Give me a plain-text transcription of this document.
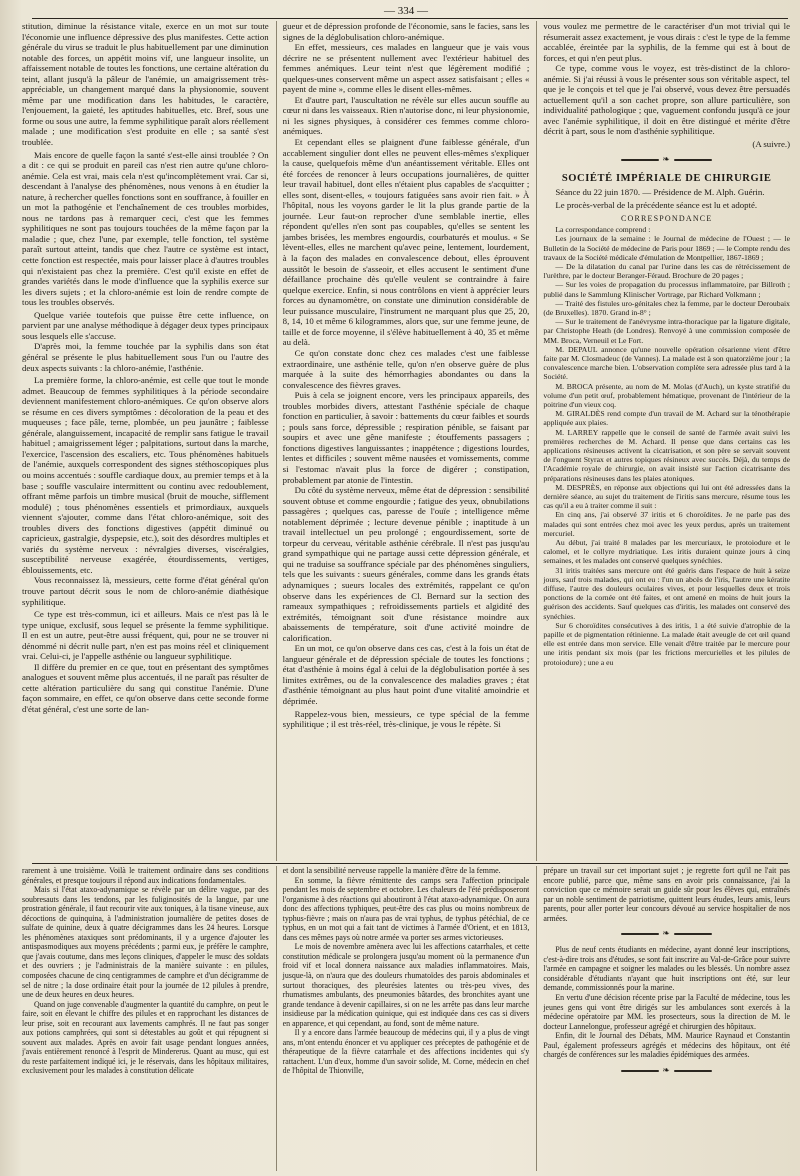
— 334 —

stitution, diminue la résistance vitale, exerce en un mot sur toute l'économie une influence dépressive des plus manifestes. Cette action générale du virus se traduit le plus habituellement par une diminution notable des forces, un appétit moins vif, une langueur insolite, un affaissement notable de toutes les fonctions, une certaine altération du teint, allant jusqu'à la pâleur de l'anémie, un amaigrissement très-appréciable, un changement marqué dans la physionomie, souvent même par une modification dans les habitudes, le caractère, l'enjouement, la gaieté, les aptitudes habituelles, etc. Bref, sous une forme ou sous une autre, la femme syphilitique paraît alors réellement malade ; une modification s'est produite en elle ; sa santé s'est troublée.

Mais encore de quelle façon la santé s'est-elle ainsi troublée ? On a dit : ce qui se produit en pareil cas n'est rien autre qu'une chloro-anémie. Cela est vrai, mais cela n'est qu'incomplètement vrai. Car si, descendant à l'analyse des phénomènes, nous venons à en étudier la nature, à rechercher quelles fonctions sont en souffrance, à fouiller en un mot la pathogénie et l'enchaînement de ces troubles morbides, nous ne tardons pas à remarquer ceci, c'est que les femmes syphilitiques ne sont pas toujours touchées de la même façon par la maladie ; que, chez l'une, par exemple, telle fonction, tel système paraît surtout atteint, tandis que chez l'autre ce système est intact, cette fonction est respectée, mais pour laisser place à d'autres troubles qui n'existaient pas chez la première. C'est qu'il existe en effet de grandes variétés dans le mode d'influence que la syphilis exerce sur les divers sujets ; et la chloro-anémie est loin de rendre compte de tous les troubles observés.

Quelque variée toutefois que puisse être cette influence, on parvient par une analyse méthodique à dégager deux types principaux sous lesquels elle s'accuse.

D'après moi, la femme touchée par la syphilis dans son état général se présente le plus habituellement sous l'un ou l'autre des deux aspects suivants : la chloro-anémie, l'asthénie.

La première forme, la chloro-anémie, est celle que tout le monde admet. Beaucoup de femmes syphilitiques à la période secondaire deviennent manifestement chloro-anémiques. Ce qu'on observe alors se résume en ces divers symptômes : décoloration de la peau et des muqueuses ; face pâle, terne, plombée, un peu jaunâtre ; faiblesse générale, alanguissement, incapacité de remplir sans fatigue le travail habituel ; amaigrissement léger ; palpitations, surtout dans la marche, l'exercice, l'ascension des escaliers, etc. Tous phénomènes habituels de l'anémie, auxquels correspondent des signes stéthoscopiques plus ou moins accentués : souffle cardiaque doux, au premier temps et à la base ; souffle vasculaire intermittent ou continu avec redoublement, offrant même parfois un timbre musical (bruit de mouche, sifflement modulé) ; tous phénomènes essentiels et primordiaux, auxquels viennent s'ajouter, comme dans l'état chloro-anémique, soit des troubles divers des fonctions digestives (appétit diminué ou capricieux, gastralgie, dyspepsie, etc.), soit des désordres multiples et variés du système nerveux : névralgies diverses, viscéralgies, susceptibilité nerveuse exagérée, étourdissements, vertiges, éblouissements, etc.

Vous reconnaissez là, messieurs, cette forme d'état général qu'on trouve partout décrit sous le nom de chloro-anémie diathésique syphilitique.

Ce type est très-commun, ici et ailleurs. Mais ce n'est pas là le type unique, exclusif, sous lequel se présente la femme syphilitique. Il en est un autre, peut-être aussi fréquent, qui, pour ne se trouver ni dénommé ni décrit nulle part, n'en est pas moins réel et cliniquement vrai. Celui-ci, je l'appelle asthénie ou langueur syphilitique.

Il diffère du premier en ce que, tout en présentant des symptômes analogues et souvent même plus accentués, il ne paraît pas résulter de cette altération particulière du sang qui constitue l'anémie. D'une façon sommaire, en effet, ce qu'on observe dans cette seconde forme d'état général, c'est une sorte de lan-

gueur et de dépression profonde de l'économie, sans le facies, sans les signes de la déglobulisation chloro-anémique.

En effet, messieurs, ces malades en langueur que je vais vous décrire ne se présentent nullement avec l'extérieur habituel des femmes anémiques. Leur teint n'est que légèrement modifié ; quelques-unes conservent même un aspect assez satisfaisant ; elles « payent de mine », comme elles le disent elles-mêmes.

Et d'autre part, l'auscultation ne révèle sur elles aucun souffle au cœur ni dans les vaisseaux. Rien n'autorise donc, ni leur physionomie, ni les signes physiques, à considérer ces femmes comme chloro-anémiques.

Et cependant elles se plaignent d'une faiblesse générale, d'un accablement singulier dont elles ne peuvent elles-mêmes s'expliquer la cause, quelquefois même d'un anéantissement véritable. Elles ont été forcées de renoncer à leurs occupations journalières, de quitter leur travail habituel, dont elles n'étaient plus capables de s'acquitter ; elles sont, disent-elles, « toujours fatiguées sans avoir rien fait. » À l'hôpital, nous les voyons garder le lit la plus grande partie de la journée. Leur faut-on reprocher d'une semblable inertie, elles répondent qu'elles n'en sont pas coupables, qu'elles se sentent les jambes brisées, les membres engourdis, courbaturés et moulus. « Se lèvent-elles, elles ne marchent qu'avec peine, lentement, lourdement, à la façon des malades en convalescence debout, elles éprouvent aussitôt le besoin de s'asseoir, et elles accusent le sentiment d'une défaillance prochaine dès qu'elle veulent se contraindre à faire quelque exercice. Enfin, si nous contrôlons en vient à apprécier leurs forces au dynamomètre, on constate une diminution considérable de leur puissance musculaire, l'instrument ne marquant plus que 25, 20, 8, 14, 10 et même 6 kilogrammes, alors que, sur une femme jeune, de taille et de force moyenne, il s'élève habituellement à 40, 35 et même au delà.

Ce qu'on constate donc chez ces malades c'est une faiblesse extraordinaire, une asthénie telle, qu'on n'en observe guère de plus marquée à la suite des hémorrhagies abondantes ou dans la convalescence des fièvres graves.

Puis à cela se joignent encore, vers les principaux appareils, des troubles morbides divers, attestant l'asthénie spéciale de chaque fonction en particulier, à savoir : battements du cœur faibles et sourds ; pouls sans force, dépressible ; respiration pénible, se faisant par soupirs et avec une gêne manifeste ; étouffements passagers ; fonctions digestives languissantes ; inappétence ; digestions lourdes, lentes et difficiles ; souvent même nausées et vomissements, comme si l'estomac n'avait plus la force de digérer ; constipation, probablement par atonie de l'intestin.

Du côté du système nerveux, même état de dépression : sensibilité souvent obtuse et comme engourdie ; fatigue des yeux, obnubilations passagères ; quelques cas, paresse de l'ouïe ; intelligence même notablement déprimée ; lecture devenue pénible ; inaptitude à un travail intellectuel un peu prolongé ; engourdissement, sorte de torpeur du cerveau, véritable asthénie cérébrale. Il n'est pas jusqu'au grand sympathique qui ne partage aussi cette dépression générale, et qui ne traduise sa souffrance spéciale par des phénomènes singuliers, tels que les suivants : sueurs générales, comme dans les grands états adynamiques ; sueurs locales des extrémités, rappelant ce qu'on observe dans les expériences de Cl. Bernard sur la section des rameaux sympathiques ; refroidissements partiels et algidité des extrémités, témoignant soit d'une résistance moindre aux abaissements de température, soit d'une activité moindre de calorification.

En un mot, ce qu'on observe dans ces cas, c'est à la fois un état de langueur générale et de dépression spéciale de toutes les fonctions ; état d'asthénie à moins égal à celui de la déglobulisation portée à ses limites extrêmes, ou de la convalescence des maladies graves ; état d'asthénie témoignant au plus haut point d'une vitalité amoindrie et déprimée.

Rappelez-vous bien, messieurs, ce type spécial de la femme syphilitique ; il est très-réel, très-clinique, je vous le répète. Si

vous voulez me permettre de le caractériser d'un mot trivial qui le résumerait assez exactement, je vous dirais : c'est le type de la femme accablée, éreintée par la syphilis, de la femme qui est à bout de forces, et qui n'en peut plus.

Ce type, comme vous le voyez, est très-distinct de la chloro-anémie. Si j'ai réussi à vous le présenter sous son véritable aspect, tel que je le conçois et tel que je l'ai observé, vous devez être persuadés actuellement qu'il a son cachet propre, son allure particulière, son individualité pathologique ; que, vaguement confondu jusqu'à ce jour avec l'anémie syphilitique, il doit en être distingué et mérite d'être décrit à part, sous le nom d'asthénie syphilitique.

(A suivre.)
❧
SOCIÉTÉ IMPÉRIALE DE CHIRURGIE

Séance du 22 juin 1870. — Présidence de M. Alph. Guérin.

Le procès-verbal de la précédente séance est lu et adopté.

CORRESPONDANCE

La correspondance comprend :

Les journaux de la semaine : le Journal de médecine de l'Ouest ; — le Bulletin de la Société de médecine de Paris pour 1869 ; — le Compte rendu des travaux de la Société médicale d'émulation de Montpellier, 1867-1869 ;

— De la dilatation du canal par l'urine dans les cas de rétrécissement de l'urèthre, par le docteur Beranger-Féraud. Brochure de 20 pages ;

— Sur les voies de propagation du processus inflammatoire, par Billroth ; publié dans le Sammlung Klinischer Vortrage, par Richard Volkmann ;

— Traité des fistules uro-génitales chez la femme, par le docteur Deroubaix (de Bruxelles). 1870. Grand in-8° ;

— Sur le traitement de l'anévrysme intra-thoracique par la ligature digitale, par Christophe Heath (de Londres). Renvoyé à une commission composée de MM. Broca, Verneuil et Le Fort.

M. DEPAUL annonce qu'une nouvelle opération césarienne vient d'être faite par M. Closmadeuc (de Vannes). La malade est à son quatorzième jour ; la convalescence marche bien. L'observation complète sera adressée plus tard à la Société.

M. BROCA présente, au nom de M. Molas (d'Auch), un kyste stratifié du volume d'un petit œuf, probablement hématique, provenant de l'intérieur de la poitrine d'un vieux coq.

M. GIRALDÈS rend compte d'un travail de M. Achard sur la ténothérapie appliquée aux plaies.

M. LARREY rappelle que le conseil de santé de l'armée avait suivi les premières recherches de M. Achard. Il pense que dans certains cas les applications résineuses activent la cicatrisation, et son père se servait souvent de l'onguent Styrax et autres topiques résineux avec succès. Déjà, du temps de l'Académie royale de chirurgie, on avait insisté sur l'action cicatrisante des préparations résineuses dans les plaies atoniques.

M. DESPRÈS, en réponse aux objections qui lui ont été adressées dans la dernière séance, au sujet du traitement de l'iritis sans mercure, résume tous les cas qu'il a eu à traiter comme il suit :

En cinq ans, j'ai observé 37 iritis et 6 choroïdites. Je ne parle pas des malades qui sont entrées chez moi avec les yeux perdus, après un traitement mercuriel.

Au début, j'ai traité 8 malades par les mercuriaux, le protoiodure et le calomel, et le collyre mydriatique. Les iritis duraient quinze jours à cinq semaines, et les malades ont conservé quelques synéchies.

31 iritis traitées sans mercure ont été guéris dans l'espace de huit à seize jours, sauf trois malades, qui ont eu : l'un un abcès de l'iris, l'autre une kératite diffuse, l'autre des douleurs oculaires vives, et pour lesquelles deux et trois ponctions de la cornée ont été faites, et ont amené en moins de huit jours la guérison des accidents. Sauf quelques cas d'iritis, les malades ont conservé des synéchies.

Sur 6 choroïdites consécutives à des iritis, 1 a été suivie d'atrophie de la papille et de pigmentation rétinienne. La malade était aveugle de cet œil quand elle est entrée dans mon service. Elle venait d'être traitée par le mercure pour une iritis pendant six mois (par les frictions mercurielles et les pilules de protoiodure) ; une a eu

rarement à une troisième. Voilà le traitement ordinaire dans ses conditions générales, et presque toujours il répond aux indications fondamentales.

Mais si l'état ataxo-adynamique se révèle par un délire vague, par des soubresauts dans les tendons, par les fuliginosités de la langue, par une prostration générale, il faut recourir vite aux toniques, à la tisane vineuse, aux décoctions de quinquina, à l'administration journalière de petites doses de sulfate de quinine, deux à quatre décigrammes dans les 24 heures. Lorsque les phénomènes ataxiques sont prédominants, il y a urgence d'ajouter les antispasmodiques aux moyens précédents ; parmi eux, je préfère le camphre, que j'avais coutume, dans mes leçons cliniques, d'appeler le musc des soldats et des ouvriers ; je l'administrais de la manière suivante : en pilules, composées chacune de cinq centigrammes de camphre et d'un décigramme de sel de nitre ; la dose ordinaire était pour la journée de 12 pilules à prendre, une de deux heures en deux heures.

Quand on juge convenable d'augmenter la quantité du camphre, on peut le faire, soit en élevant le chiffre des pilules et en rapprochant les distances de leur prise, soit en recourant aux lavements camphrés. Il ne faut pas songer aux potions camphrées, qui sont si détestables au goût et qui répugnent si souvent aux malades. Après en avoir fait usage pendant longues années, j'avais entièrement renoncé à l'esprit de Mindererus. Quant au musc, qui est du reste parfaitement indiqué ici, je le réservais, dans les hôpitaux militaires, exclusivement pour les malades à constitution délicate

et dont la sensibilité nerveuse rappelle la manière d'être de la femme.

En somme, la fièvre rémittente des camps sera l'affection principale pendant les mois de septembre et octobre. Les chaleurs de l'été prédisposeront l'organisme à des réactions qui aboutiront à l'état ataxo-adynamique. On aura donc des affections typhiques, peut-être des cas plus ou moins nombreux de typhus-fièvre ; mais on n'aura pas de vrai typhus, de typhus pétéchial, de ce typhus, en un mot qui a fait tant de victimes à l'armée d'Orient, et en 1813, dans ces mêmes pays où notre armée va porter ses armes victorieuses.

Le mois de novembre amènera avec lui les affections catarrhales, et cette constitution médicale se prolongera jusqu'au moment où la permanence d'un froid vif et local donnera naissance aux maladies inflammatoires. Mais, jusque-là, on n'aura que des douleurs rhumatoïdes des parois abdominales et surtout thoraciques, des pleurésies latentes ou très-peu vives, des rhumatismes ambulants, des pneumonies bâtardes, des bronchites ayant une grande tendance à devenir capillaires, si on ne les arrête pas dans leur marche insidieuse par la médication quinique, qui est indiquée dans ces cas si divers en apparence, et qui cependant, au fond, sont de même nature.

Il y a encore dans l'armée beaucoup de médecins qui, il y a plus de vingt ans, m'ont entendu énoncer et vu appliquer ces préceptes de pathogénie et de thérapeutique de la fièvre catarrhale et des affections incidentes qui s'y rattachent. L'un d'eux, homme d'un savoir solide, M. Corne, médecin en chef de l'hôpital de Thionville,

prépare un travail sur cet important sujet ; je regrette fort qu'il ne l'ait pas encore publié, parce que, même sans en avoir pris connaissance, j'ai la conviction que ce mémoire serait un guide sûr pour les élèves qui, entraînés par un noble sentiment de patriotisme, quittent leurs études, leurs amis, leurs parents, pour aller porter leur concours dévoué au service hospitalier de nos armées.

❧

Plus de neuf cents étudiants en médecine, ayant donné leur inscriptions, c'est-à-dire trois ans d'études, se sont fait inscrire au Val-de-Grâce pour suivre l'armée en campagne et soigner les malades ou les blessés. Un nombre assez considérable d'étudiants n'ayant que huit inscriptions ont été, sur leur demande, commissionnés pour la marine.

En vertu d'une décision récente prise par la Faculté de médecine, tous les jeunes gens qui vont être dirigés sur les ambulances sont exercés à la médecine opératoire par MM. les prosecteurs, sous la direction de M. le docteur Lannelongue, professeur agrégé et chirurgien des hôpitaux.

Enfin, dit le Journal des Débats, MM. Maurice Raynaud et Constantin Paul, également professeurs agrégés et médecins des hôpitaux, ont été chargés de conférences sur les maladies épidémiques des armées.

❧
